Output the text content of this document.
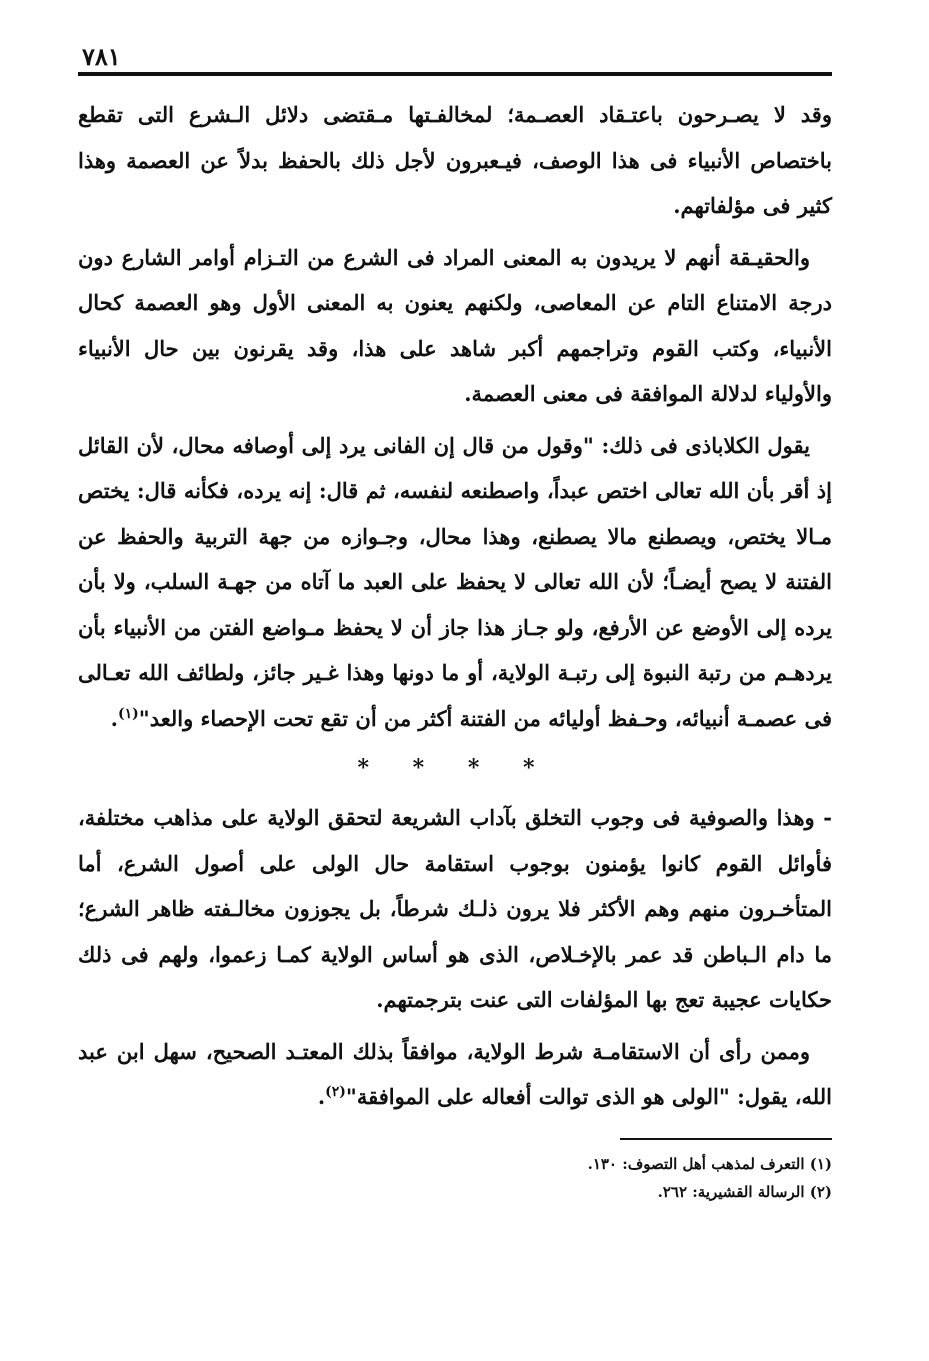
٧٨١

وقد لا يصـرحون باعتـقاد العصـمة؛ لمخالفـتها مـقتضى دلائل الـشرع التى تقطع باختصاص الأنبياء فى هذا الوصف، فيـعبرون لأجل ذلك بالحفظ بدلاً عن العصمة وهذا كثير فى مؤلفاتهم.

والحقيـقة أنهم لا يريدون به المعنى المراد فى الشرع من التـزام أوامر الشارع دون درجة الامتناع التام عن المعاصى، ولكنهم يعنون به المعنى الأول وهو العصمة كحال الأنبياء، وكتب القوم وتراجمهم أكبر شاهد على هذا، وقد يقرنون بين حال الأنبياء والأولياء لدلالة الموافقة فى معنى العصمة.

يقول الكلاباذى فى ذلك: "وقول من قال إن الفانى يرد إلى أوصافه محال، لأن القائل إذ أقر بأن الله تعالى اختص عبداً، واصطنعه لنفسه، ثم قال: إنه يرده، فكأنه قال: يختص مـالا يختص، ويصطنع مالا يصطنع، وهذا محال، وجـوازه من جهة التربية والحفظ عن الفتنة لا يصح أيضـاً؛ لأن الله تعالى لا يحفظ على العبد ما آتاه من جهـة السلب، ولا بأن يرده إلى الأوضع عن الأرفع، ولو جـاز هذا جاز أن لا يحفظ مـواضع الفتن من الأنبياء بأن يردهـم من رتبة النبوة إلى رتبـة الولاية، أو ما دونها وهذا غـير جائز، ولطائف الله تعـالى فى عصمـة أنبيائه، وحـفظ أوليائه من الفتنة أكثر من أن تقع تحت الإحصاء والعد"$^{(١)}$.

* * * *

- وهذا والصوفية فى وجوب التخلق بآداب الشريعة لتحقق الولاية على مذاهب مختلفة، فأوائل القوم كانوا يؤمنون بوجوب استقامة حال الولى على أصول الشرع، أما المتأخـرون منهم وهم الأكثر فلا يرون ذلـك شرطاً، بل يجوزون مخالـفته ظاهر الشرع؛ ما دام الـباطن قد عمر بالإخـلاص، الذى هو أساس الولاية كمـا زعموا، ولهم فى ذلك حكايات عجيبة تعج بها المؤلفات التى عنت بترجمتهم.

وممن رأى أن الاستقامـة شرط الولاية، موافقاً بذلك المعتـد الصحيح، سهل ابن عبد الله، يقول: "الولى هو الذى توالت أفعاله على الموافقة"$^{(٢)}$.

(١) التعرف لمذهب أهل التصوف: ١٣٠.

(٢) الرسالة القشيرية: ٢٦٢.
